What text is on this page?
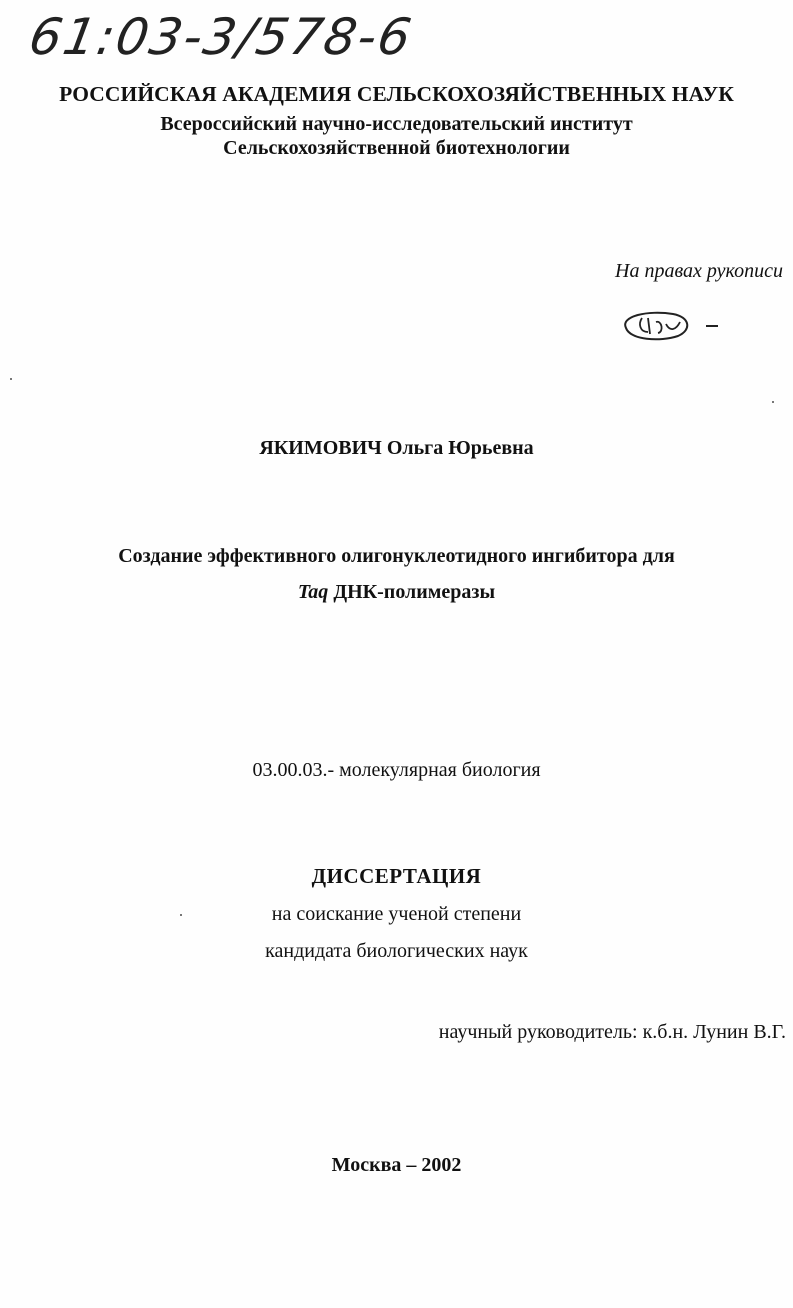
61:03-3/578-6
РОССИЙСКАЯ АКАДЕМИЯ СЕЛЬСКОХОЗЯЙСТВЕННЫХ НАУК
Всероссийский научно-исследовательский институт
Сельскохозяйственной биотехнологии
На правах рукописи
ЯКИМОВИЧ Ольга Юрьевна
Создание эффективного олигонуклеотидного ингибитора для
Taq ДНК-полимеразы
03.00.03.- молекулярная биология
ДИССЕРТАЦИЯ
на соискание ученой степени
кандидата биологических наук
научный руководитель: к.б.н. Лунин В.Г.
Москва – 2002
